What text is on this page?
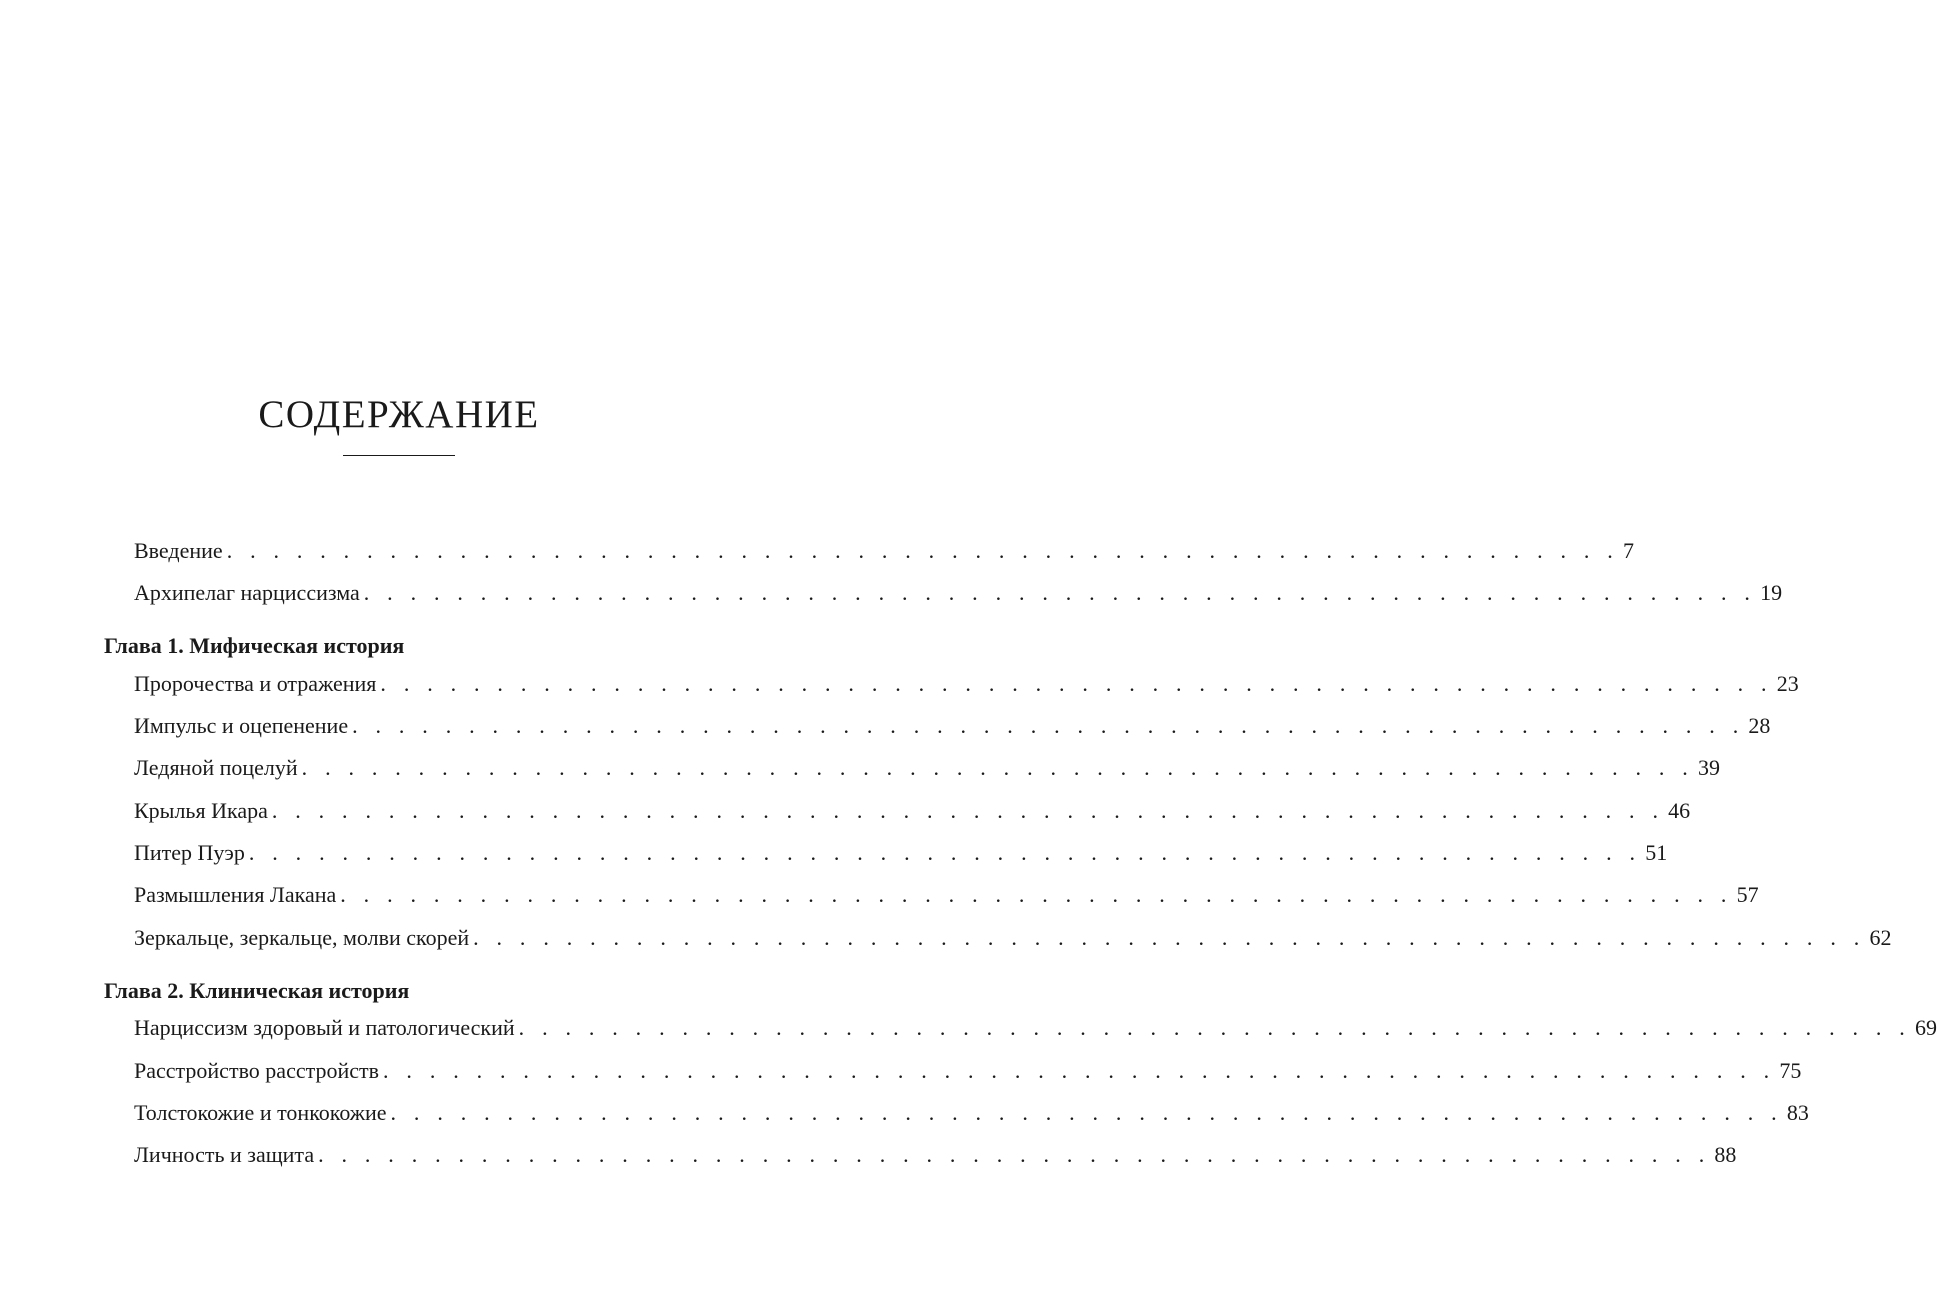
СОДЕРЖАНИЕ
Введение . . . . . . . . . . . . . . . . . . . . . . . . . . . . . . . . . . . . . . . . . . . . . . . . . . . . . . . . . . . . 7
Архипелаг нарциссизма . . . . . . . . . . . . . . . . . . . . . . . . . . . . . . . . . . . . . . . . . . . . . . . . . . . . . . . . . . . . 19
Глава 1. Мифическая история
Пророчества и отражения . . . . . . . . . . . . . . . . . . . . . . . . . . . . . . . . . . . . . . . . . . . . . . . . . . . . . . . . . . . . 23
Импульс и оцепенение . . . . . . . . . . . . . . . . . . . . . . . . . . . . . . . . . . . . . . . . . . . . . . . . . . . . . . . . . . . . 28
Ледяной поцелуй . . . . . . . . . . . . . . . . . . . . . . . . . . . . . . . . . . . . . . . . . . . . . . . . . . . . . . . . . . . . 39
Крылья Икара . . . . . . . . . . . . . . . . . . . . . . . . . . . . . . . . . . . . . . . . . . . . . . . . . . . . . . . . . . . . 46
Питер Пуэр . . . . . . . . . . . . . . . . . . . . . . . . . . . . . . . . . . . . . . . . . . . . . . . . . . . . . . . . . . . . 51
Размышления Лакана . . . . . . . . . . . . . . . . . . . . . . . . . . . . . . . . . . . . . . . . . . . . . . . . . . . . . . . . . . . . 57
Зеркальце, зеркальце, молви скорей . . . . . . . . . . . . . . . . . . . . . . . . . . . . . . . . . . . . . . . . . . . . . . . . . . . . . . . . . . . . 62
Глава 2. Клиническая история
Нарциссизм здоровый и патологический . . . . . . . . . . . . . . . . . . . . . . . . . . . . . . . . . . . . . . . . . . . . . . . . . . . . . . . . . . . . 69
Расстройство расстройств . . . . . . . . . . . . . . . . . . . . . . . . . . . . . . . . . . . . . . . . . . . . . . . . . . . . . . . . . . . . 75
Толстокожие и тонкокожие . . . . . . . . . . . . . . . . . . . . . . . . . . . . . . . . . . . . . . . . . . . . . . . . . . . . . . . . . . . . 83
Личность и защита . . . . . . . . . . . . . . . . . . . . . . . . . . . . . . . . . . . . . . . . . . . . . . . . . . . . . . . . . . . . 88
